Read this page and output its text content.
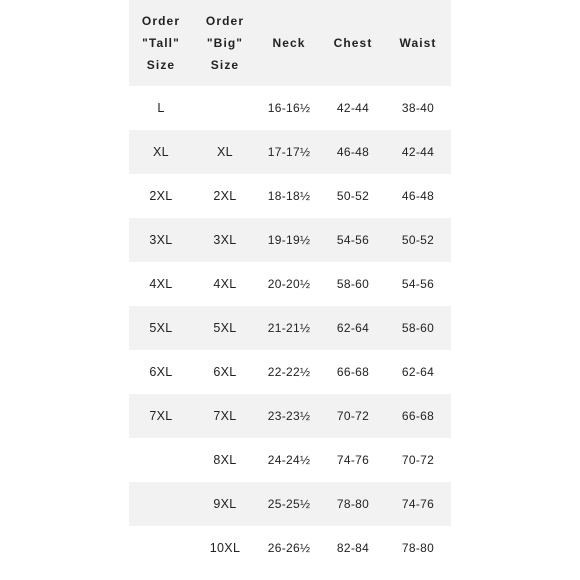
Order
"Tall"
Size	Order
"Big"
Size	Neck	Chest	Waist
L		16-16½	42-44	38-40
XL	XL	17-17½	46-48	42-44
2XL	2XL	18-18½	50-52	46-48
3XL	3XL	19-19½	54-56	50-52
4XL	4XL	20-20½	58-60	54-56
5XL	5XL	21-21½	62-64	58-60
6XL	6XL	22-22½	66-68	62-64
7XL	7XL	23-23½	70-72	66-68
	8XL	24-24½	74-76	70-72
	9XL	25-25½	78-80	74-76
	10XL	26-26½	82-84	78-80
